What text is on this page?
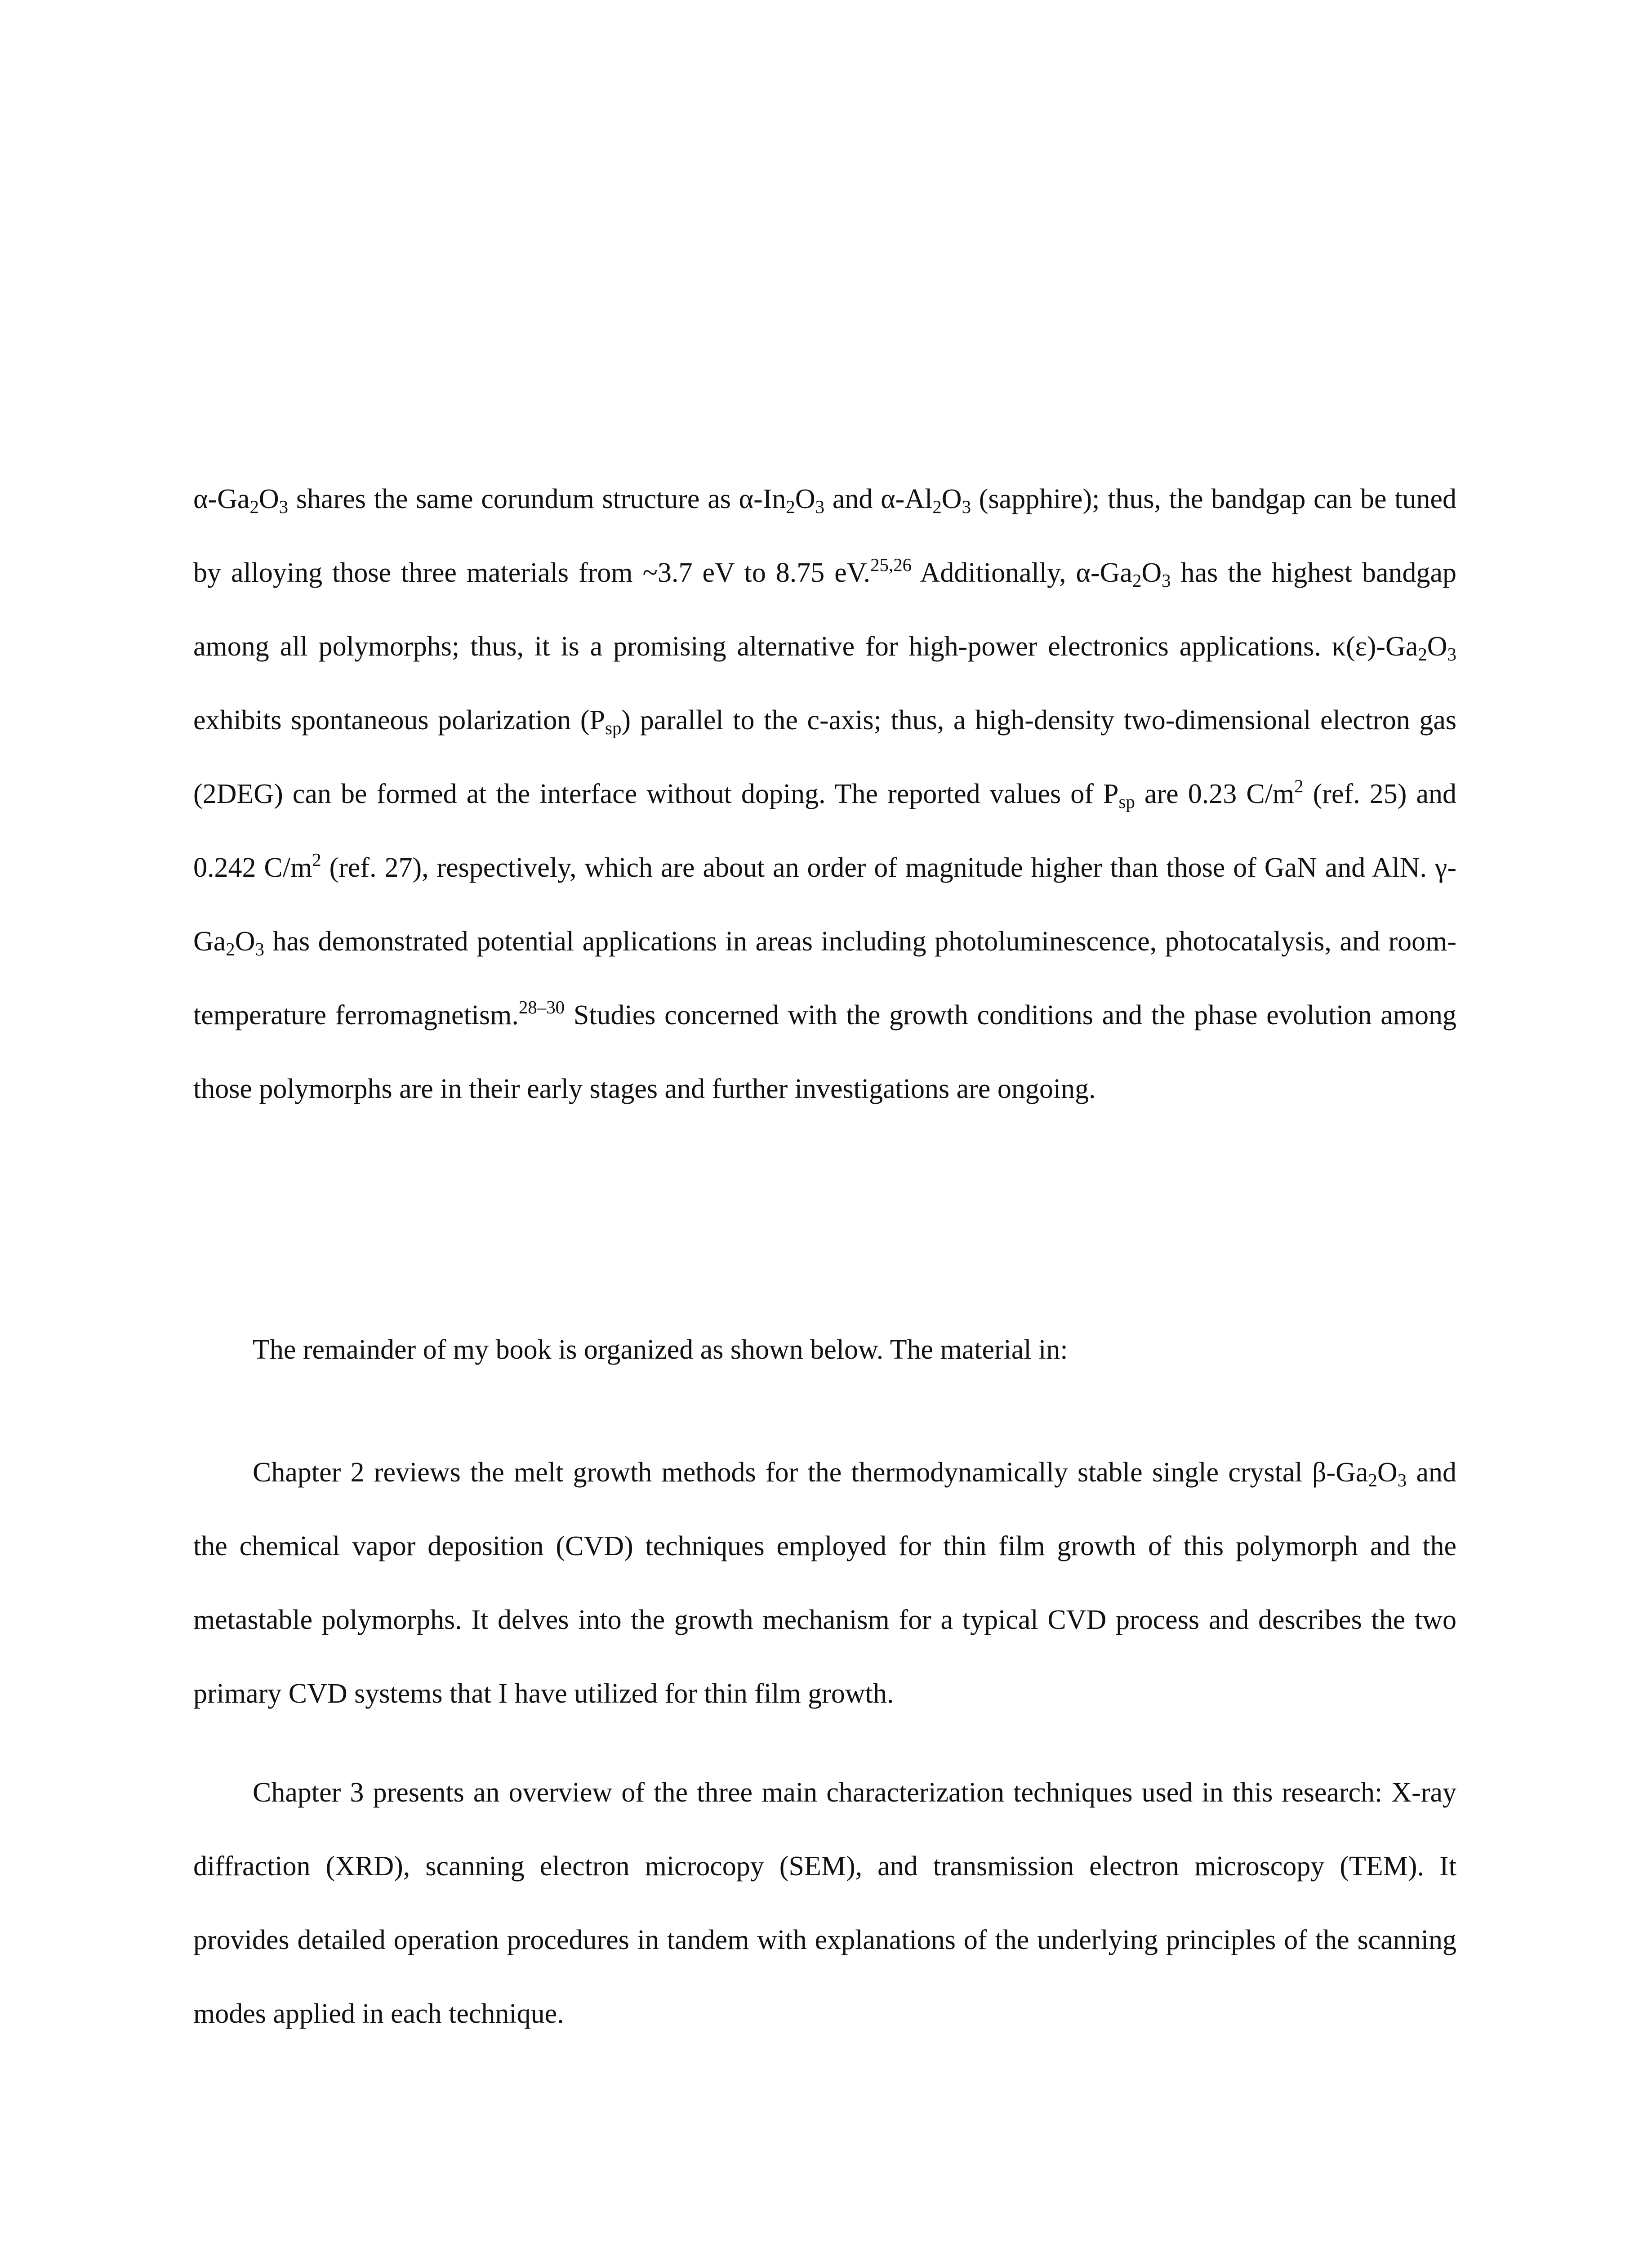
$\alpha-Ga_2O_3$ shares the same corundum structure as $\alpha-In_2O_3$ and $\alpha-Al_2O_3$ (sapphire); thus, the bandgap can be tuned by alloying those three materials from ~3.7 eV to 8.75 eV.$^{25,26}$ Additionally, $\alpha-Ga_2O_3$ has the highest bandgap among all polymorphs; thus, it is a promising alternative for high-power electronics applications. $\kappa(\varepsilon)-Ga_2O_3$ exhibits spontaneous polarization $(P_{sp})$ parallel to the c-axis; thus, a high-density two-dimensional electron gas (2DEG) can be formed at the interface without doping. The reported values of $P_{sp}$ are 0.23 $C/m^2$ (ref. 25) and 0.242 $C/m^2$ (ref. 27), respectively, which are about an order of magnitude higher than those of GaN and AlN. $\gamma-Ga_2O_3$ has demonstrated potential applications in areas including photoluminescence, photocatalysis, and room-temperature ferromagnetism.$^{28-30}$ Studies concerned with the growth conditions and the phase evolution among those polymorphs are in their early stages and further investigations are ongoing.

The remainder of my book is organized as shown below. The material in:

Chapter 2 reviews the melt growth methods for the thermodynamically stable single crystal $\beta-Ga_2O_3$ and the chemical vapor deposition (CVD) techniques employed for thin film growth of this polymorph and the metastable polymorphs. It delves into the growth mechanism for a typical CVD process and describes the two primary CVD systems that I have utilized for thin film growth.

Chapter 3 presents an overview of the three main characterization techniques used in this research: X-ray diffraction (XRD), scanning electron microcopy (SEM), and transmission electron microscopy (TEM). It provides detailed operation procedures in tandem with explanations of the underlying principles of the scanning modes applied in each technique.
